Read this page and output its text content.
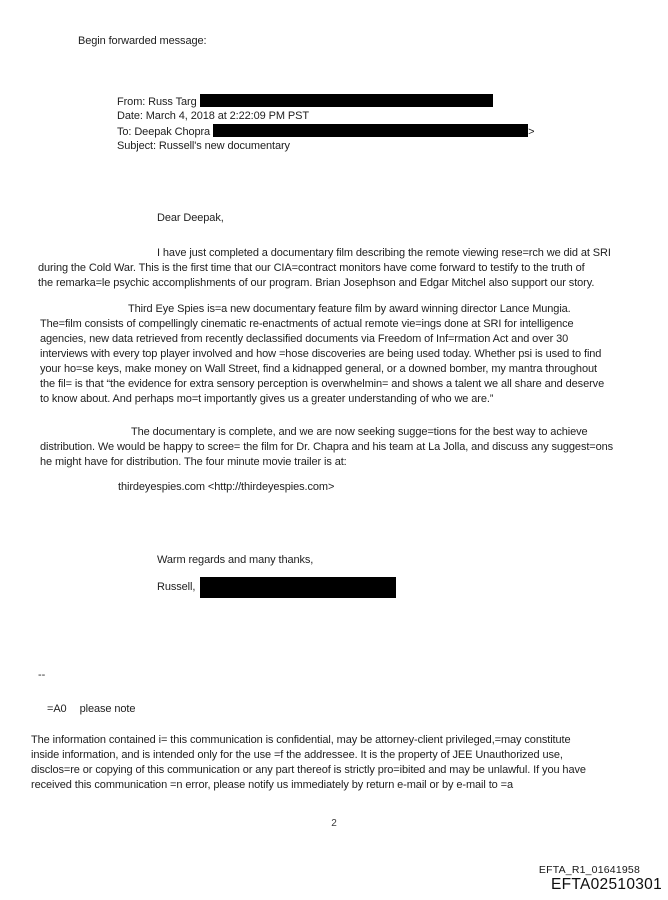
Begin forwarded message:
From: Russ Targ
Date: March 4, 2018 at 2:22:09 PM PST
To: Deepak Chopra	>
Subject: Russell's new documentary
Dear Deepak,
I have just completed a documentary film describing the remote viewing rese=rch we did at SRI
during the Cold War. This is the first time that our CIA=contract monitors have come forward to testify to the truth of
the remarka=le psychic accomplishments of our program. Brian Josephson and Edgar Mitchel also support our story.
Third Eye Spies is=a new documentary feature film by award winning director Lance Mungia.
The=film consists of compellingly cinematic re-enactments of actual remote vie=ings done at SRI for intelligence
agencies, new data retrieved from recently declassified documents via Freedom of Inf=rmation Act and over 30
interviews with every top player involved and how =hose discoveries are being used today. Whether psi is used to find
your ho=se keys, make money on Wall Street, find a kidnapped general, or a downed bomber, my mantra throughout
the fil= is that “the evidence for extra sensory perception is overwhelmin= and shows a talent we all share and deserve
to know about. And perhaps mo=t importantly gives us a greater understanding of who we are.”
The documentary is complete, and we are now seeking sugge=tions for the best way to achieve
distribution. We would be happy to scree= the film for Dr. Chapra and his team at La Jolla, and discuss any suggest=ons
he might have for distribution. The four minute movie trailer is at:
thirdeyespies.com <http://thirdeyespies.com>
Warm regards and many thanks,
Russell,
--
=A0 please note
The information contained i= this communication is confidential, may be attorney-client privileged,=may constitute
inside information, and is intended only for the use =f the addressee. It is the property of JEE Unauthorized use,
disclos=re or copying of this communication or any part thereof is strictly pro=ibited and may be unlawful. If you have
received this communication =n error, please notify us immediately by return e-mail or by e-mail to =a
2
EFTA_R1_01641958
EFTA02510301
